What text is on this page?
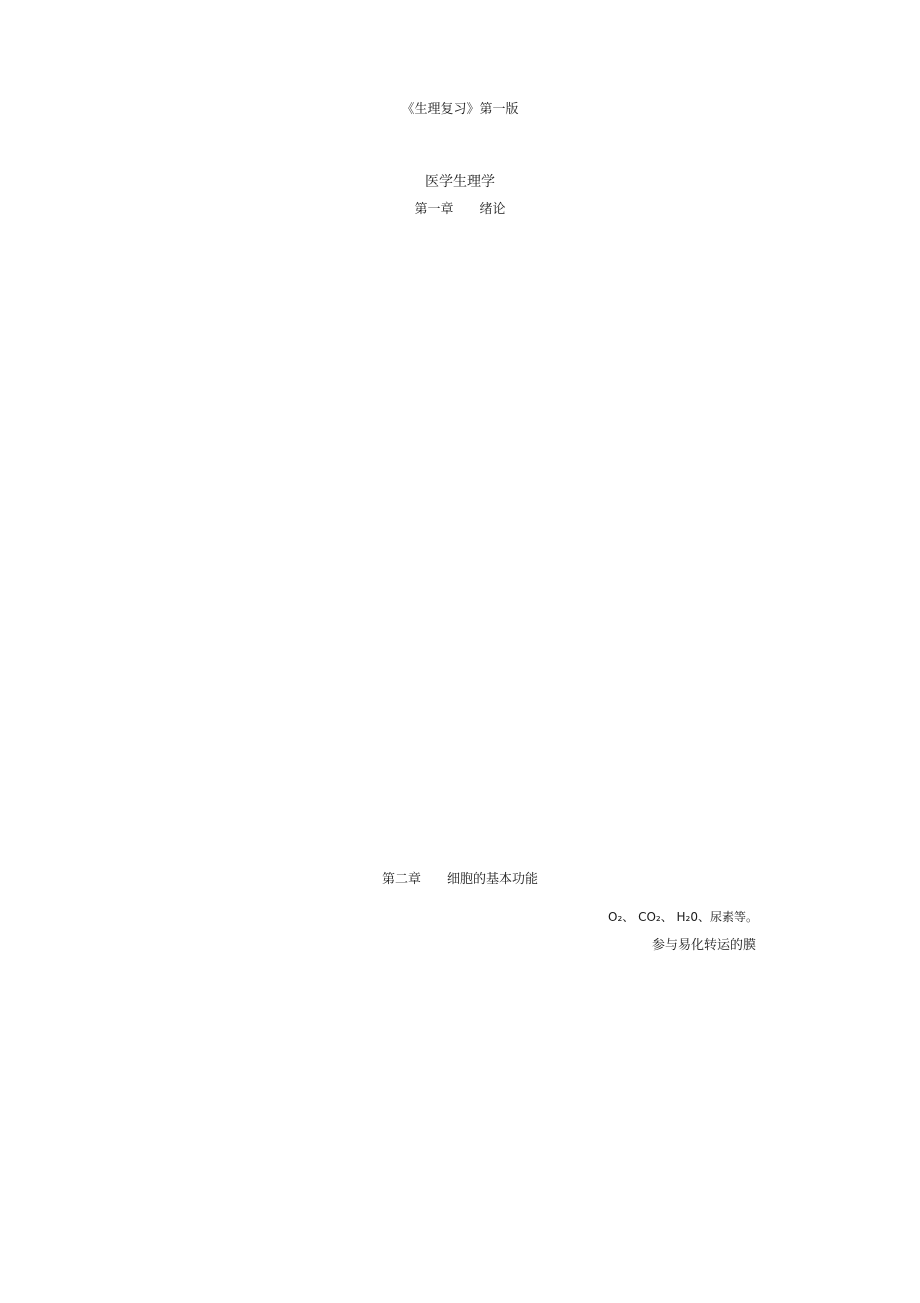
《生理复习》第一版
医学生理学
第一章　　绪论
第二章　　细胞的基本功能
O₂、 CO₂、 H₂0、尿素等。
参与易化转运的膜
